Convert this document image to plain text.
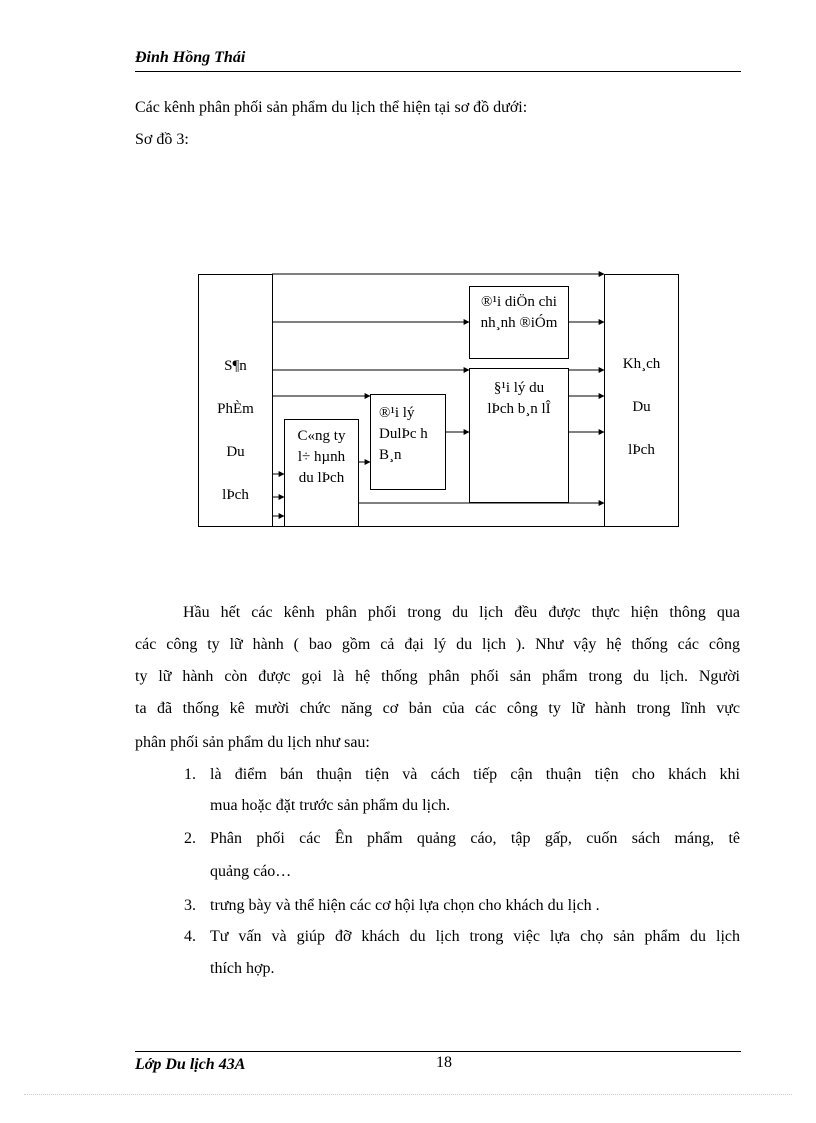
Đinh Hồng Thái
Các kênh phân phối sản phẩm du lịch thể hiện tại sơ đồ dưới:
Sơ đồ 3:
S¶n
PhÈm
Du
lÞch
Kh¸ch
Du
lÞch
®¹i diÖn chi nh¸nh ®iÓm
§¹i lý du lÞch b¸n lÎ
®¹i lý DulÞc h B¸n
C«ng ty l÷ hµnh du lÞch
Hầu hết các kênh phân phối trong du lịch đều được thực hiện thông qua
các công ty lữ hành ( bao gồm cả đại lý du lịch ). Như vậy hệ thống các công
ty lữ hành còn được gọi là hệ thống phân phối sản phẩm trong du lịch. Người
ta đã thống kê mười chức năng cơ bản của các công ty lữ hành trong lĩnh vực
phân phối sản phẩm du lịch như sau:
1. là điểm bán thuận tiện và cách tiếp cận thuận tiện cho khách khi
mua hoặc đặt trước sản phẩm du lịch.
2. Phân phối các Ên phẩm quảng cáo, tập gấp, cuốn sách máng, tê
quảng cáo…
3. trưng bày và thể hiện các cơ hội lựa chọn cho khách du lịch .
4. Tư vấn và giúp đỡ khách du lịch trong việc lựa chọ sản phẩm du lịch
thích hợp.
Lớp Du lịch 43A	18
